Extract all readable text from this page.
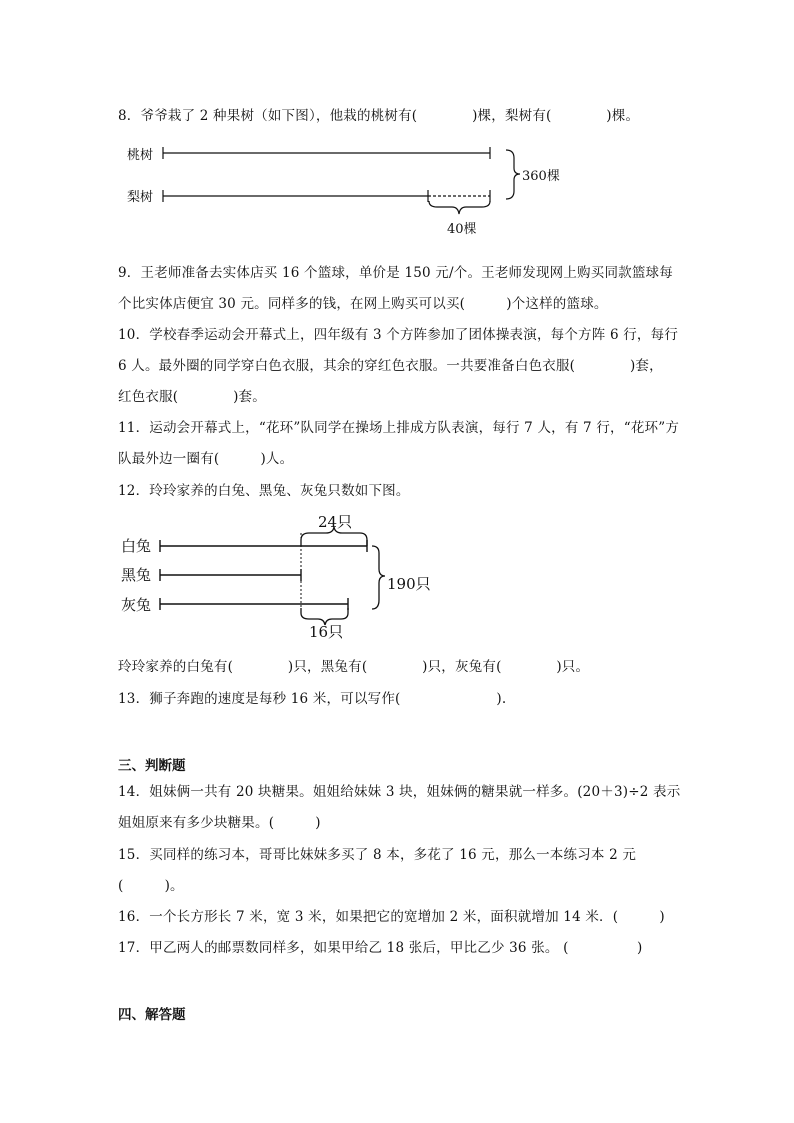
8．爷爷栽了 2 种果树（如下图），他栽的桃树有(　　　　)棵，梨树有(　　　　)棵。
桃树
梨树
360棵
40棵
9．王老师准备去实体店买 16 个篮球，单价是 150 元/个。王老师发现网上购买同款篮球每
个比实体店便宜 30 元。同样多的钱，在网上购买可以买(　　　)个这样的篮球。
10．学校春季运动会开幕式上，四年级有 3 个方阵参加了团体操表演，每个方阵 6 行，每行
6 人。最外圈的同学穿白色衣服，其余的穿红色衣服。一共要准备白色衣服(　　　　)套，
红色衣服(　　　　)套。
11．运动会开幕式上，“花环”队同学在操场上排成方队表演，每行 7 人，有 7 行，“花环”方
队最外边一圈有(　　　)人。
12．玲玲家养的白兔、黑兔、灰兔只数如下图。
24只
白兔
黑兔
灰兔
190只
16只
玲玲家养的白兔有(　　　　)只，黑兔有(　　　　)只，灰兔有(　　　　)只。
13．狮子奔跑的速度是每秒 16 米，可以写作(　　　　　　　).
三、判断题
14．姐妹俩一共有 20 块糖果。姐姐给妹妹 3 块，姐妹俩的糖果就一样多。(20＋3)÷2 表示
姐姐原来有多少块糖果。(　　　)
15．买同样的练习本，哥哥比妹妹多买了 8 本，多花了 16 元，那么一本练习本 2 元
(　　　)。
16．一个长方形长 7 米，宽 3 米，如果把它的宽增加 2 米，面积就增加 14 米．(　　　)
17．甲乙两人的邮票数同样多，如果甲给乙 18 张后，甲比乙少 36 张。 (　　　　　)
四、解答题
